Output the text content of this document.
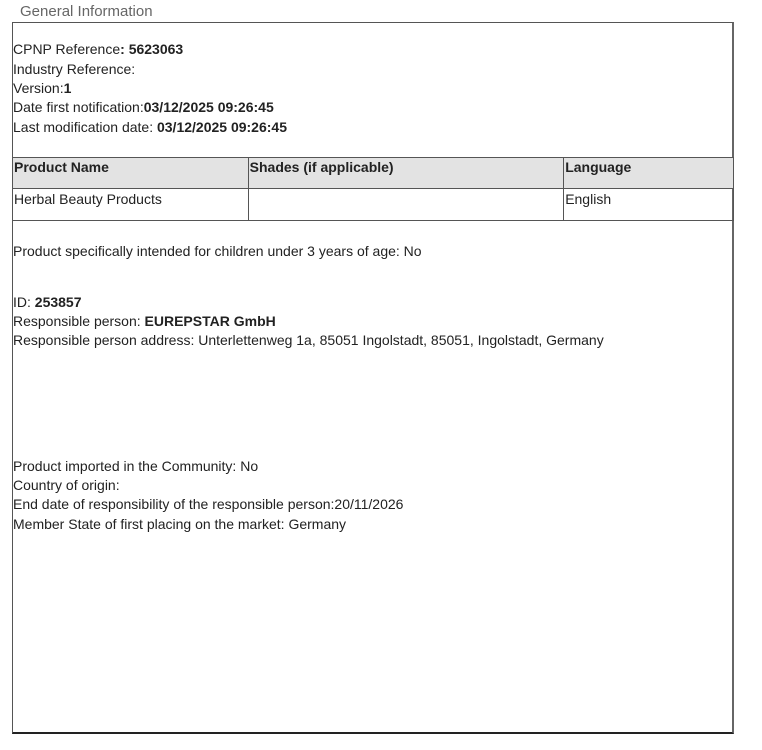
General Information
CPNP Reference: 5623063
Industry Reference:
Version:1
Date first notification:03/12/2025 09:26:45
Last modification date: 03/12/2025 09:26:45
Product Name	Shades (if applicable)	Language
Herbal Beauty Products		English
Product specifically intended for children under 3 years of age: No
ID: 253857
Responsible person: EUREPSTAR GmbH
Responsible person address: Unterlettenweg 1a, 85051 Ingolstadt, 85051, Ingolstadt, Germany
Product imported in the Community: No
Country of origin:
End date of responsibility of the responsible person:20/11/2026
Member State of first placing on the market: Germany
